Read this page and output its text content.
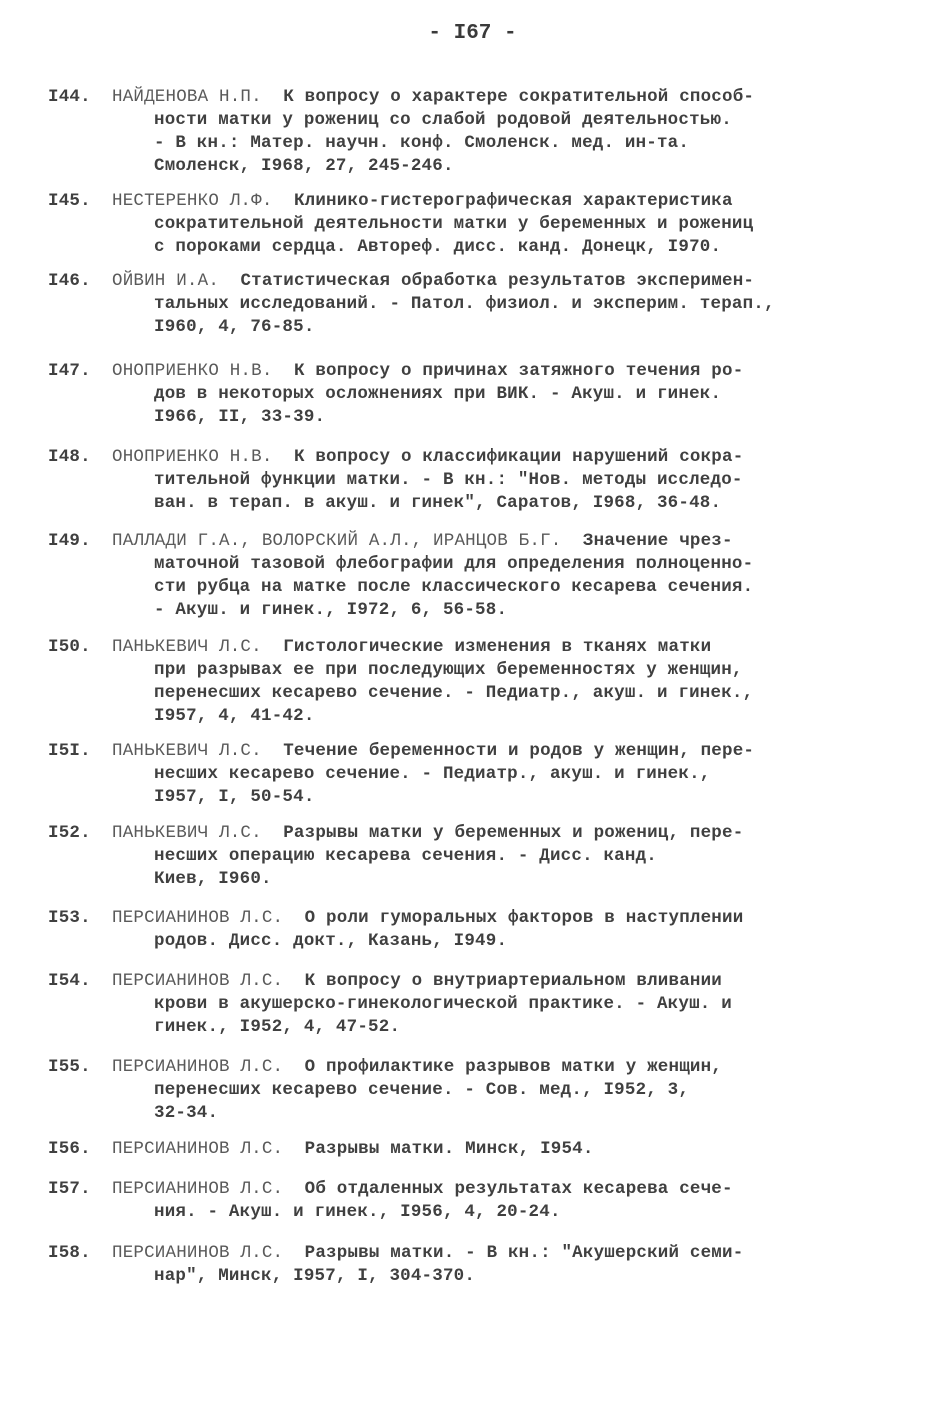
- I67 -
I44.	НАЙДЕНОВА Н.П. К вопросу о характере сократительной способ-
ности матки у рожениц со слабой родовой деятельностью.
- В кн.: Матер. научн. конф. Смоленск. мед. ин-та.
Смоленск, I968, 27, 245-246.
I45.	НЕСТЕРЕНКО Л.Ф. Клинико-гистерографическая характеристика
сократительной деятельности матки у беременных и рожениц
с пороками сердца. Автореф. дисс. канд. Донецк, I970.
I46.	ОЙВИН И.А. Статистическая обработка результатов эксперимен-
тальных исследований. - Патол. физиол. и эксперим. терап.,
I960, 4, 76-85.
I47.	ОНОПРИЕНКО Н.В. К вопросу о причинах затяжного течения ро-
дов в некоторых осложнениях при ВИК. - Акуш. и гинек.
I966, II, 33-39.
I48.	ОНОПРИЕНКО Н.В. К вопросу о классификации нарушений сокра-
тительной функции матки. - В кн.: "Нов. методы исследо-
ван. в терап. в акуш. и гинек", Саратов, I968, 36-48.
I49.	ПАЛЛАДИ Г.А., ВОЛОРСКИЙ А.Л., ИРАНЦОВ Б.Г. Значение чрез-
маточной тазовой флебографии для определения полноценно-
сти рубца на матке после классического кесарева сечения.
- Акуш. и гинек., I972, 6, 56-58.
I50.	ПАНЬКЕВИЧ Л.С. Гистологические изменения в тканях матки
при разрывах ее при последующих беременностях у женщин,
перенесших кесарево сечение. - Педиатр., акуш. и гинек.,
I957, 4, 41-42.
I5I.	ПАНЬКЕВИЧ Л.С. Течение беременности и родов у женщин, пере-
несших кесарево сечение. - Педиатр., акуш. и гинек.,
I957, I, 50-54.
I52.	ПАНЬКЕВИЧ Л.С. Разрывы матки у беременных и рожениц, пере-
несших операцию кесарева сечения. - Дисс. канд.
Киев, I960.
I53.	ПЕРСИАНИНОВ Л.С. О роли гуморальных факторов в наступлении
родов. Дисс. докт., Казань, I949.
I54.	ПЕРСИАНИНОВ Л.С. К вопросу о внутриартериальном вливании
крови в акушерско-гинекологической практике. - Акуш. и
гинек., I952, 4, 47-52.
I55.	ПЕРСИАНИНОВ Л.С. О профилактике разрывов матки у женщин,
перенесших кесарево сечение. - Сов. мед., I952, 3,
32-34.
I56.	ПЕРСИАНИНОВ Л.С. Разрывы матки. Минск, I954.
I57.	ПЕРСИАНИНОВ Л.С. Об отдаленных результатах кесарева сече-
ния. - Акуш. и гинек., I956, 4, 20-24.
I58.	ПЕРСИАНИНОВ Л.С. Разрывы матки. - В кн.: "Акушерский семи-
нар", Минск, I957, I, 304-370.
